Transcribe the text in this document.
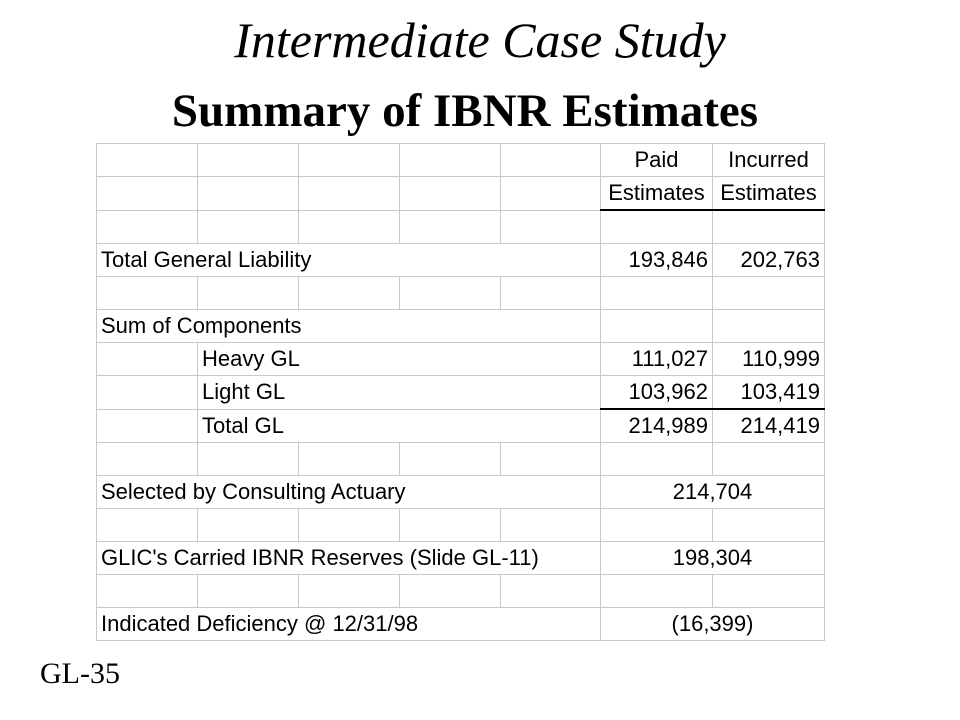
Intermediate Case Study
Summary of IBNR Estimates
					Paid	Incurred
					Estimates	Estimates

Total General Liability					193,846	202,763

Sum of Components						
	Heavy GL				111,027	110,999
	Light GL				103,962	103,419
	Total GL				214,989	214,419

Selected by Consulting Actuary					214,704	

GLIC's Carried IBNR Reserves (Slide GL-11)					198,304	

Indicated Deficiency @ 12/31/98					(16,399)	
GL-35
